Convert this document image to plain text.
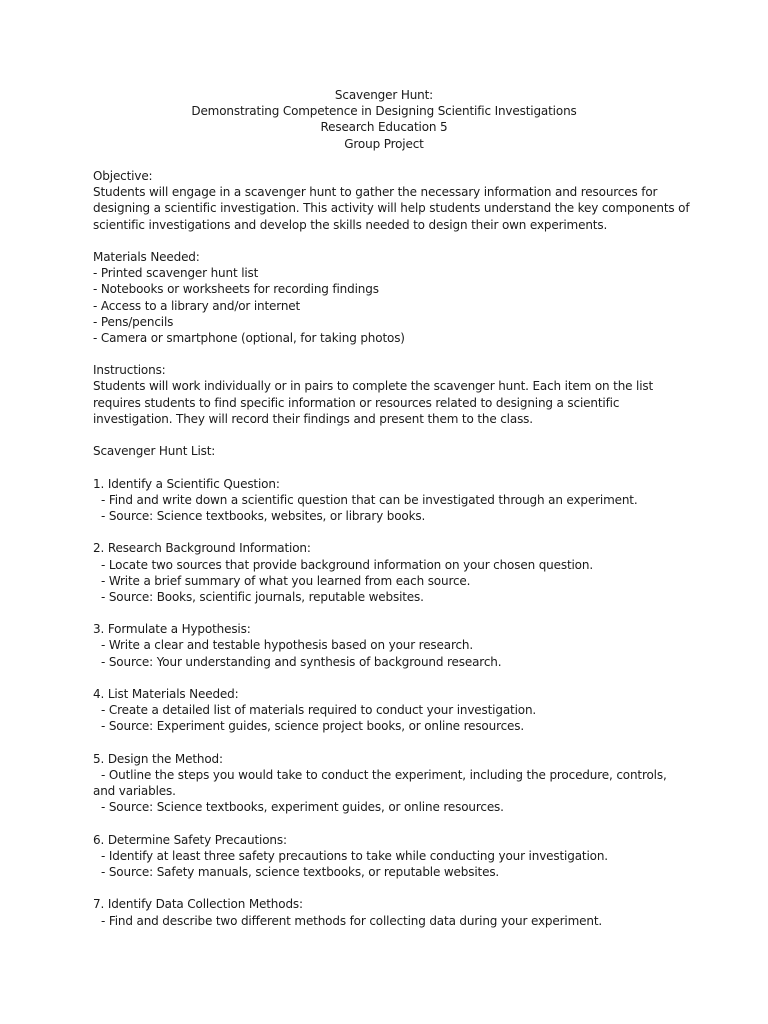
Scavenger Hunt:
Demonstrating Competence in Designing Scientific Investigations
Research Education 5
Group Project
Objective:
Students will engage in a scavenger hunt to gather the necessary information and resources for
designing a scientific investigation. This activity will help students understand the key components of
scientific investigations and develop the skills needed to design their own experiments.
Materials Needed:
- Printed scavenger hunt list
- Notebooks or worksheets for recording findings
- Access to a library and/or internet
- Pens/pencils
- Camera or smartphone (optional, for taking photos)
Instructions:
Students will work individually or in pairs to complete the scavenger hunt. Each item on the list
requires students to find specific information or resources related to designing a scientific
investigation. They will record their findings and present them to the class.
Scavenger Hunt List:
1. Identify a Scientific Question:
- Find and write down a scientific question that can be investigated through an experiment.
- Source: Science textbooks, websites, or library books.
2. Research Background Information:
- Locate two sources that provide background information on your chosen question.
- Write a brief summary of what you learned from each source.
- Source: Books, scientific journals, reputable websites.
3. Formulate a Hypothesis:
- Write a clear and testable hypothesis based on your research.
- Source: Your understanding and synthesis of background research.
4. List Materials Needed:
- Create a detailed list of materials required to conduct your investigation.
- Source: Experiment guides, science project books, or online resources.
5. Design the Method:
- Outline the steps you would take to conduct the experiment, including the procedure, controls,
and variables.
- Source: Science textbooks, experiment guides, or online resources.
6. Determine Safety Precautions:
- Identify at least three safety precautions to take while conducting your investigation.
- Source: Safety manuals, science textbooks, or reputable websites.
7. Identify Data Collection Methods:
- Find and describe two different methods for collecting data during your experiment.
